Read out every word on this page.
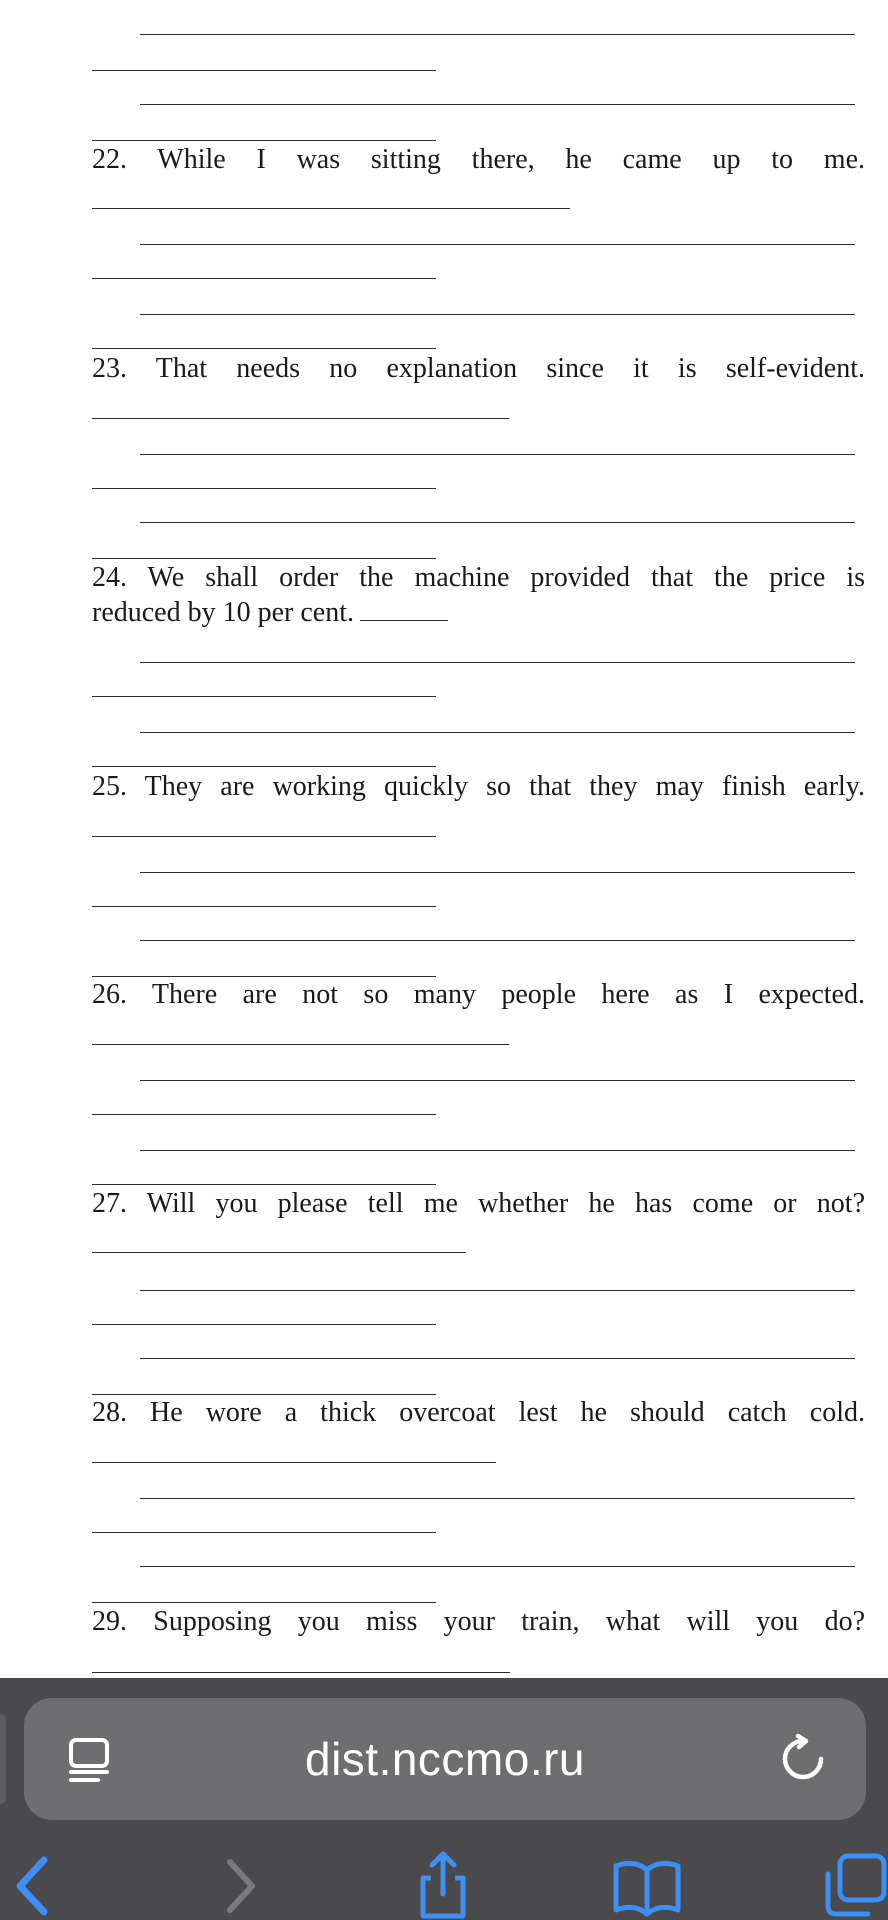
22. While I was sitting there, he came up to me.
23. That needs no explanation since it is self-evident.
24. We shall order the machine provided that the price is
reduced by 10 per cent.
25. They are working quickly so that they may finish early.
26. There are not so many people here as I expected.
27. Will you please tell me whether he has come or not?
28. He wore a thick overcoat lest he should catch cold.
29. Supposing you miss your train, what will you do?
dist.nccmo.ru
